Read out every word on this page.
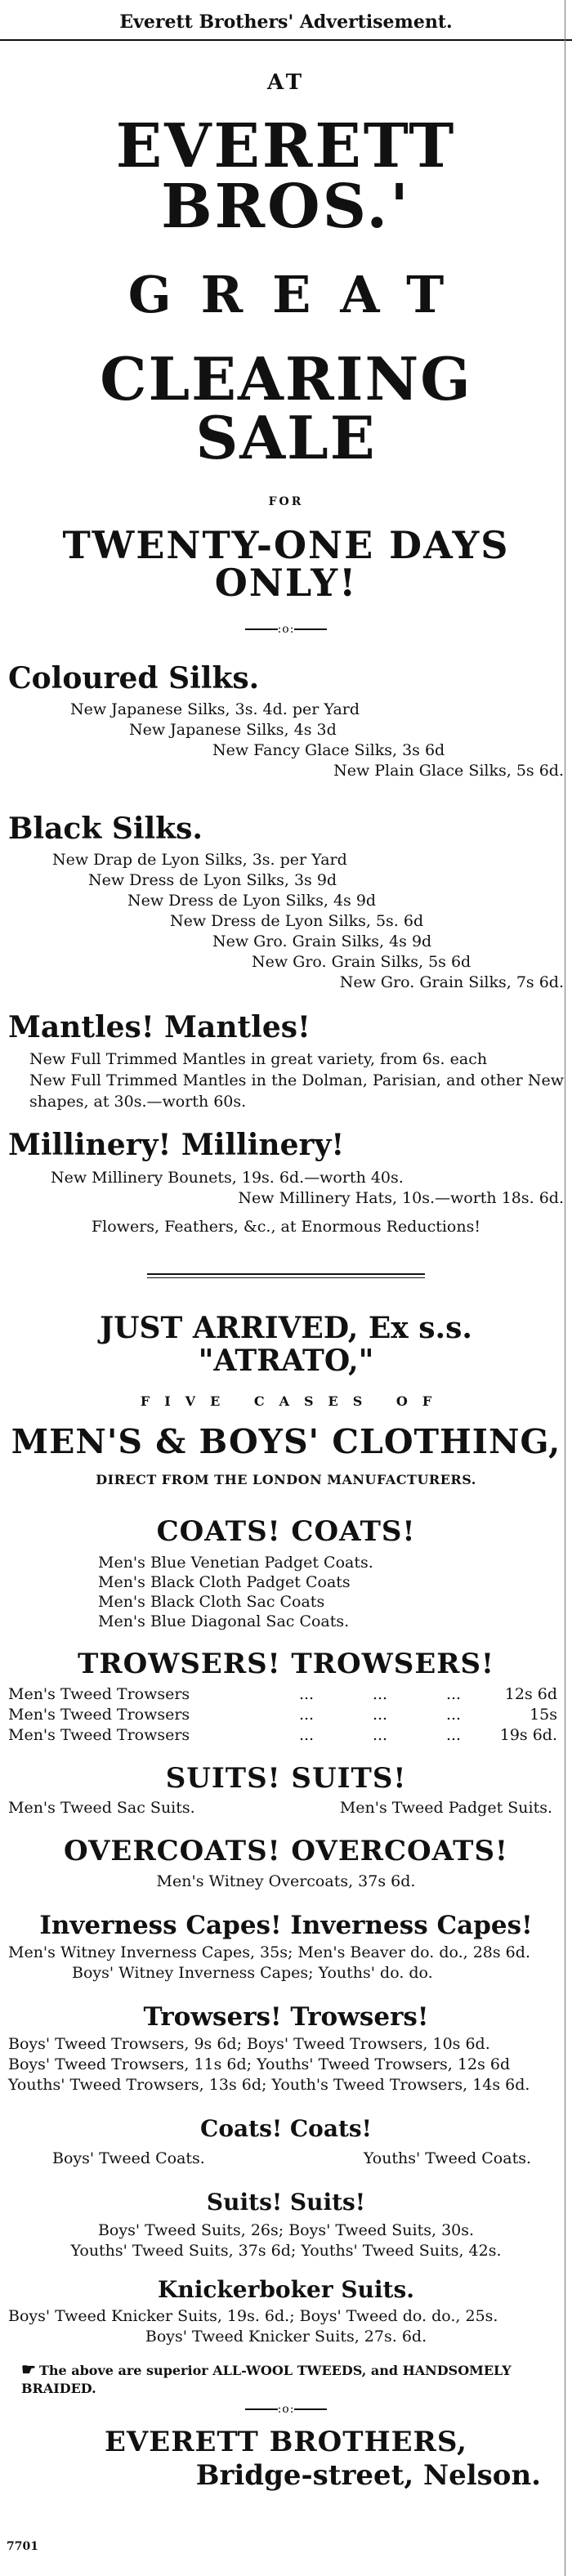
Everett Brothers' Advertisement.
AT
EVERETT BROS.'
GREAT
CLEARING SALE
FOR
TWENTY-ONE DAYS ONLY!
:o:
Coloured Silks.
New Japanese Silks, 3s. 4d. per Yard
New Japanese Silks, 4s 3d
New Fancy Glace Silks, 3s 6d
New Plain Glace Silks, 5s 6d.
Black Silks.
New Drap de Lyon Silks, 3s. per Yard
New Dress de Lyon Silks, 3s 9d
New Dress de Lyon Silks, 4s 9d
New Dress de Lyon Silks, 5s. 6d
New Gro. Grain Silks, 4s 9d
New Gro. Grain Silks, 5s 6d
New Gro. Grain Silks, 7s 6d.
Mantles! Mantles!
New Full Trimmed Mantles in great variety, from 6s. each
New Full Trimmed Mantles in the Dolman, Parisian, and other New shapes, at 30s.—worth 60s.
Millinery! Millinery!
New Millinery Bounets, 19s. 6d.—worth 40s.
New Millinery Hats, 10s.—worth 18s. 6d.
Flowers, Feathers, &c., at Enormous Reductions!
JUST ARRIVED, Ex s.s. "ATRATO,"
FIVE CASES OF
MEN'S & BOYS' CLOTHING,
DIRECT FROM THE LONDON MANUFACTURERS.
COATS! COATS!
Men's Blue Venetian Padget Coats.
Men's Black Cloth Padget Coats
Men's Black Cloth Sac Coats
Men's Blue Diagonal Sac Coats.
TROWSERS! TROWSERS!
Men's Tweed Trowsers	...	...	...	12s 6d
Men's Tweed Trowsers	...	...	...	15s
Men's Tweed Trowsers	...	...	...	19s 6d.
SUITS! SUITS!
Men's Tweed Sac Suits.	Men's Tweed Padget Suits.
OVERCOATS! OVERCOATS!
Men's Witney Overcoats, 37s 6d.
Inverness Capes! Inverness Capes!
Men's Witney Inverness Capes, 35s; Men's Beaver do. do., 28s 6d.
Boys' Witney Inverness Capes; Youths' do. do.
Trowsers! Trowsers!
Boys' Tweed Trowsers, 9s 6d; Boys' Tweed Trowsers, 10s 6d.
Boys' Tweed Trowsers, 11s 6d; Youths' Tweed Trowsers, 12s 6d
Youths' Tweed Trowsers, 13s 6d; Youth's Tweed Trowsers, 14s 6d.
Coats! Coats!
Boys' Tweed Coats.	Youths' Tweed Coats.
Suits! Suits!
Boys' Tweed Suits, 26s; Boys' Tweed Suits, 30s.
Youths' Tweed Suits, 37s 6d; Youths' Tweed Suits, 42s.
Knickerboker Suits.
Boys' Tweed Knicker Suits, 19s. 6d.; Boys' Tweed do. do., 25s.
Boys' Tweed Knicker Suits, 27s. 6d.
☛ The above are superior ALL-WOOL TWEEDS, and HANDSOMELY BRAIDED.
:o:
EVERETT BROTHERS,
Bridge-street, Nelson.
7701
